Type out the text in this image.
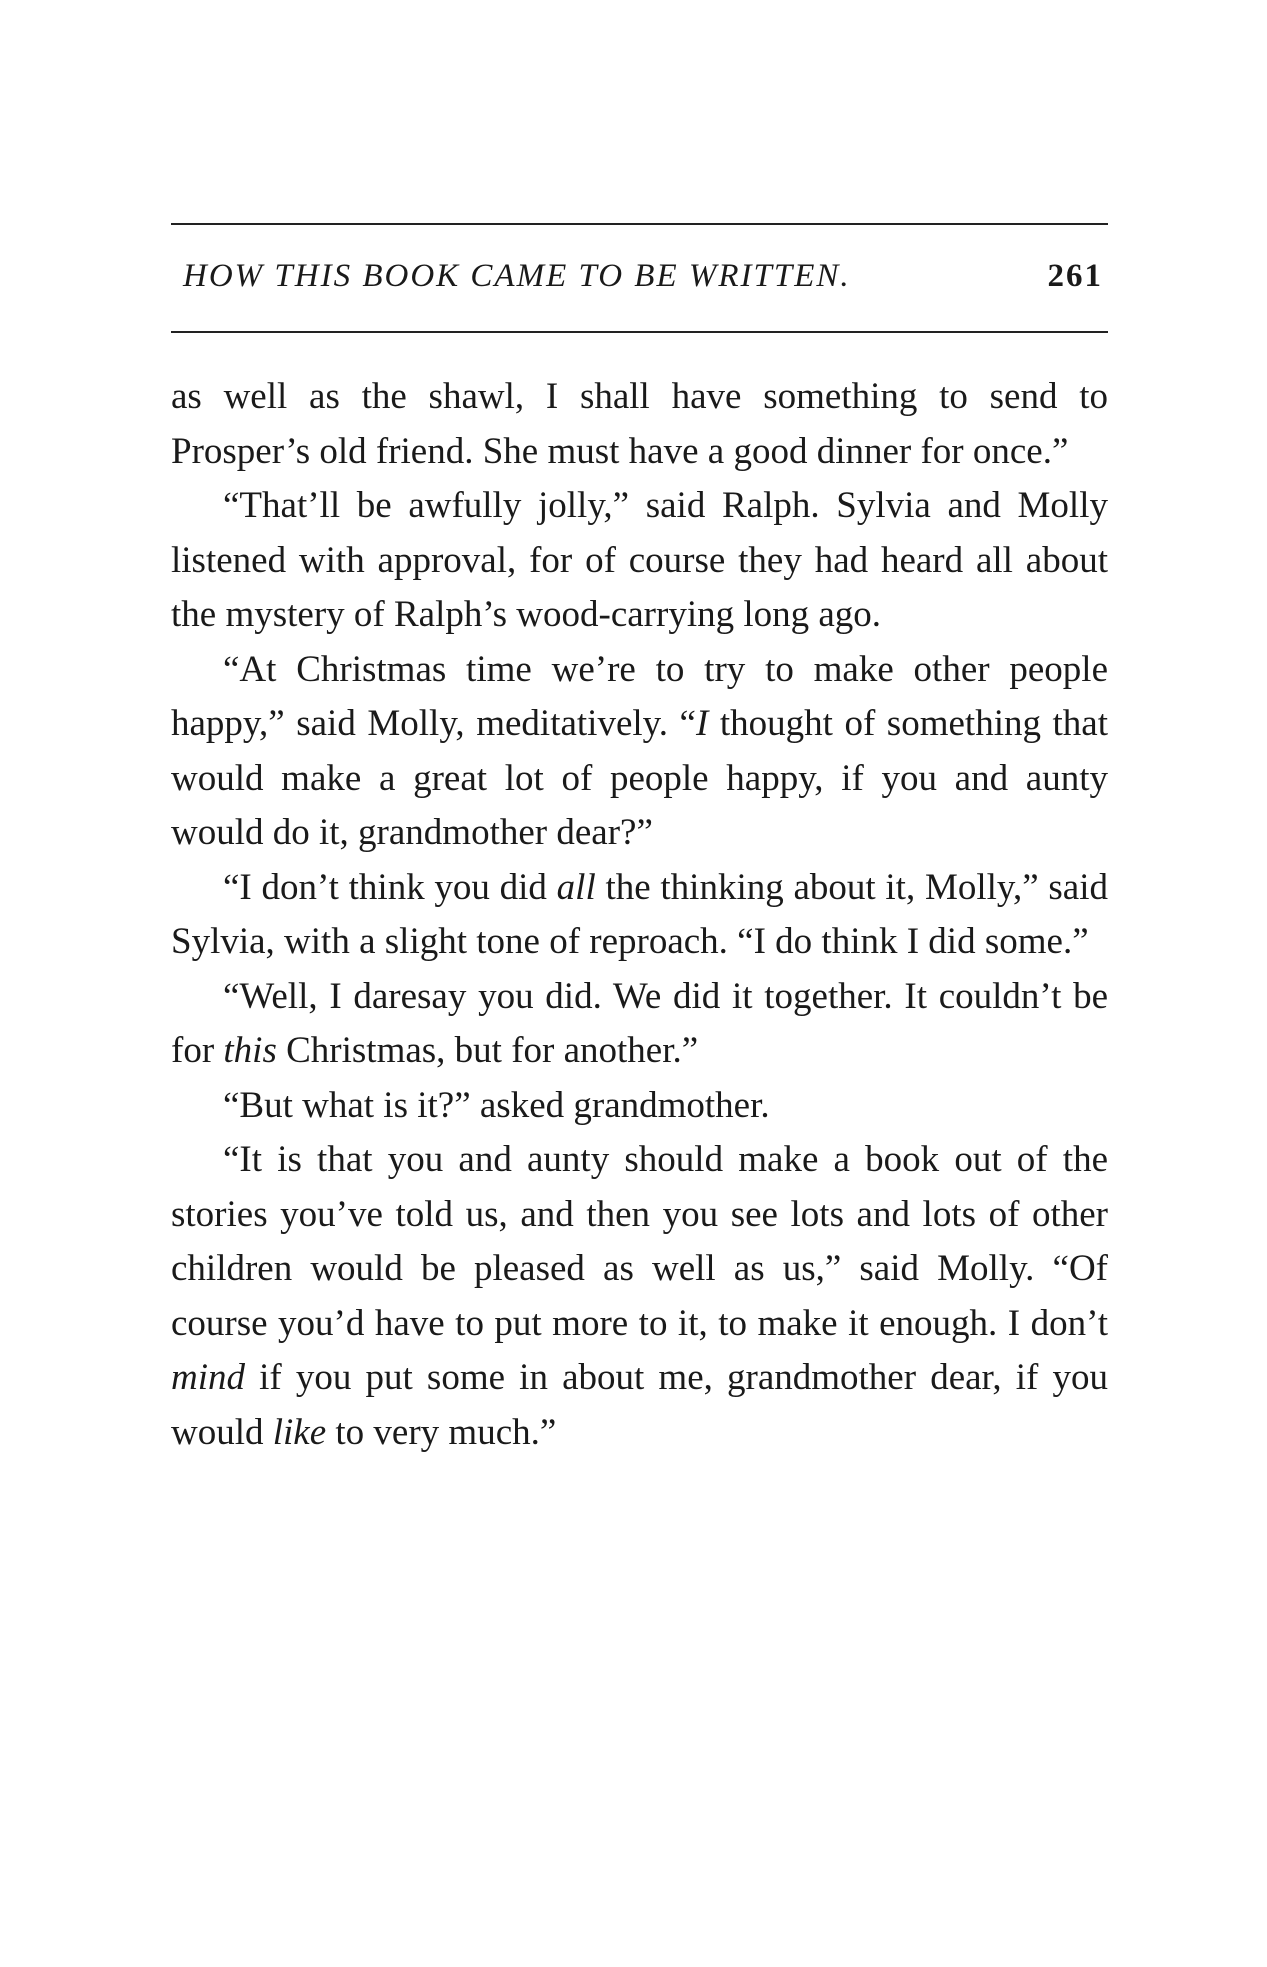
HOW THIS BOOK CAME TO BE WRITTEN.	261

as well as the shawl, I shall have something to send to Prosper’s old friend. She must have a good dinner for once.”

“That’ll be awfully jolly,” said Ralph. Sylvia and Molly listened with approval, for of course they had heard all about the mystery of Ralph’s wood-carrying long ago.

“At Christmas time we’re to try to make other people happy,” said Molly, meditatively. “I thought of something that would make a great lot of people happy, if you and aunty would do it, grandmother dear?”

“I don’t think you did all the thinking about it, Molly,” said Sylvia, with a slight tone of reproach. “I do think I did some.”

“Well, I daresay you did. We did it together. It couldn’t be for this Christmas, but for another.”

“But what is it?” asked grandmother.

“It is that you and aunty should make a book out of the stories you’ve told us, and then you see lots and lots of other children would be pleased as well as us,” said Molly. “Of course you’d have to put more to it, to make it enough. I don’t mind if you put some in about me, grandmother dear, if you would like to very much.”
